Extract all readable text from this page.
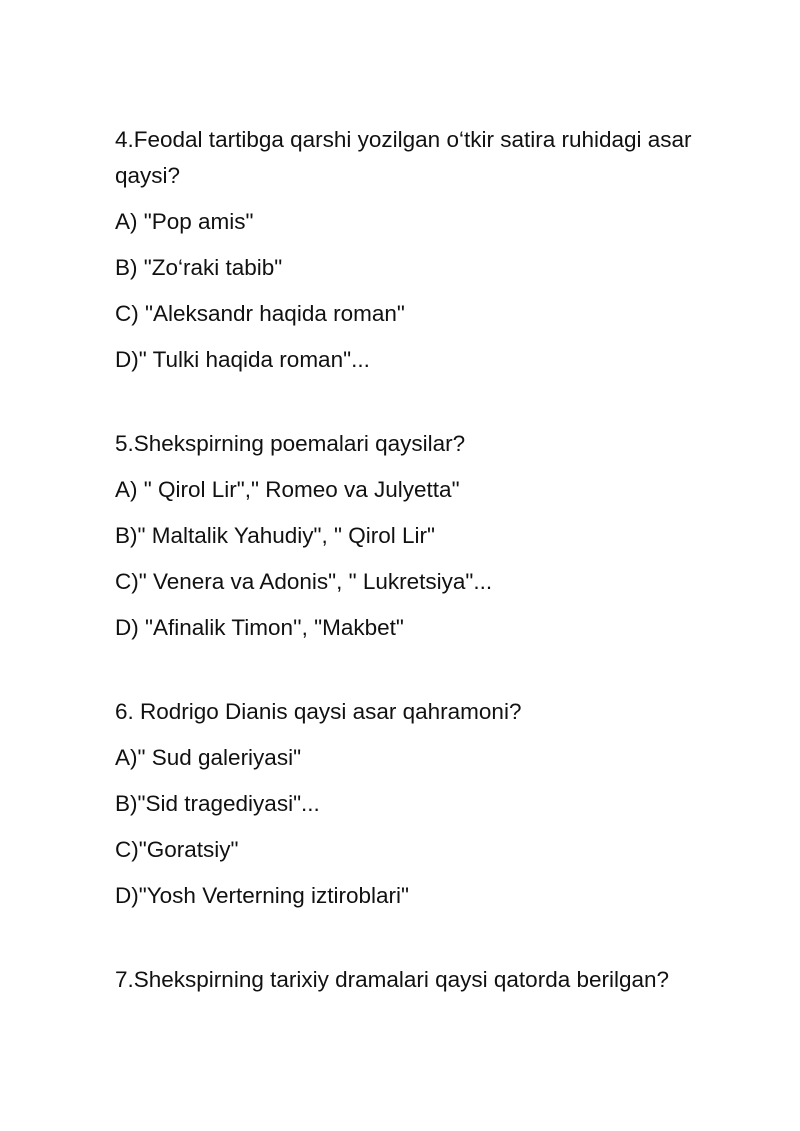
4.Feodal tartibga qarshi yozilgan o‘tkir satira ruhidagi asar qaysi?

A) "Pop amis"

B) "Zo‘raki tabib"

C) "Aleksandr haqida roman"

D)" Tulki haqida roman"...

5.Shekspirning poemalari qaysilar?

A) " Qirol Lir"," Romeo va Julyetta"

B)" Maltalik Yahudiy", " Qirol Lir"

C)" Venera va Adonis", " Lukretsiya"...

D) "Afinalik Timon'', "Makbet"

6. Rodrigo Dianis qaysi asar qahramoni?

A)" Sud galeriyasi"

B)"Sid tragediyasi"...

C)"Goratsiy"

D)"Yosh Verterning iztiroblari"

7.Shekspirning tarixiy dramalari qaysi qatorda berilgan?
